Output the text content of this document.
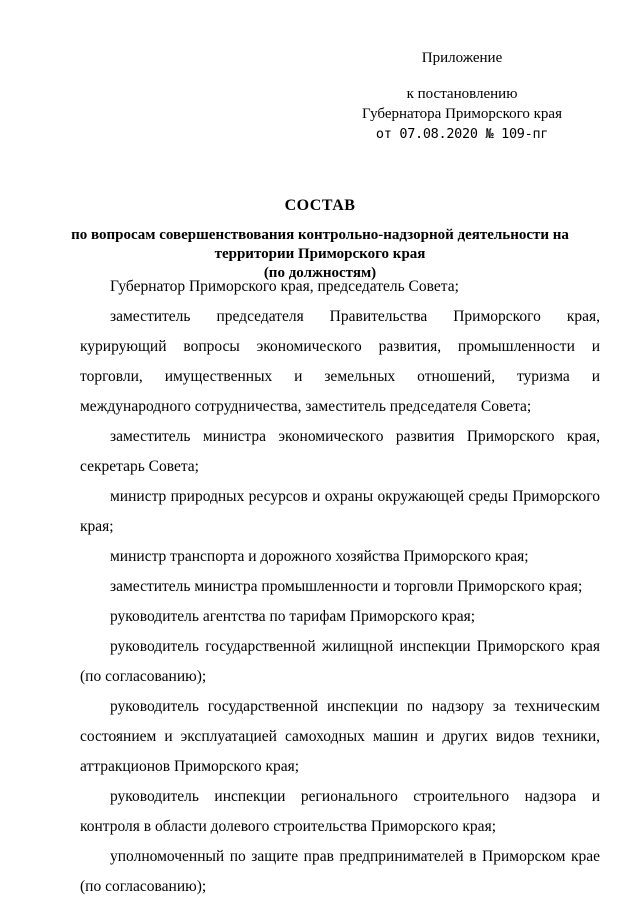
Приложение
к постановлению
Губернатора Приморского края
от 07.08.2020 № 109-пг
СОСТАВ
по вопросам совершенствования контрольно-надзорной деятельности на
территории Приморского края
(по должностям)

Губернатор Приморского края, председатель Совета;

заместитель председателя Правительства Приморского края, курирующий вопросы экономического развития, промышленности и торговли, имущественных и земельных отношений, туризма и международного сотрудничества, заместитель председателя Совета;

заместитель министра экономического развития Приморского края, секретарь Совета;

министр природных ресурсов и охраны окружающей среды Приморского края;

министр транспорта и дорожного хозяйства Приморского края;

заместитель министра промышленности и торговли Приморского края;

руководитель агентства по тарифам Приморского края;

руководитель государственной жилищной инспекции Приморского края (по согласованию);

руководитель государственной инспекции по надзору за техническим состоянием и эксплуатацией самоходных машин и других видов техники, аттракционов Приморского края;

руководитель инспекции регионального строительного надзора и контроля в области долевого строительства Приморского края;

уполномоченный по защите прав предпринимателей в Приморском крае (по согласованию);
